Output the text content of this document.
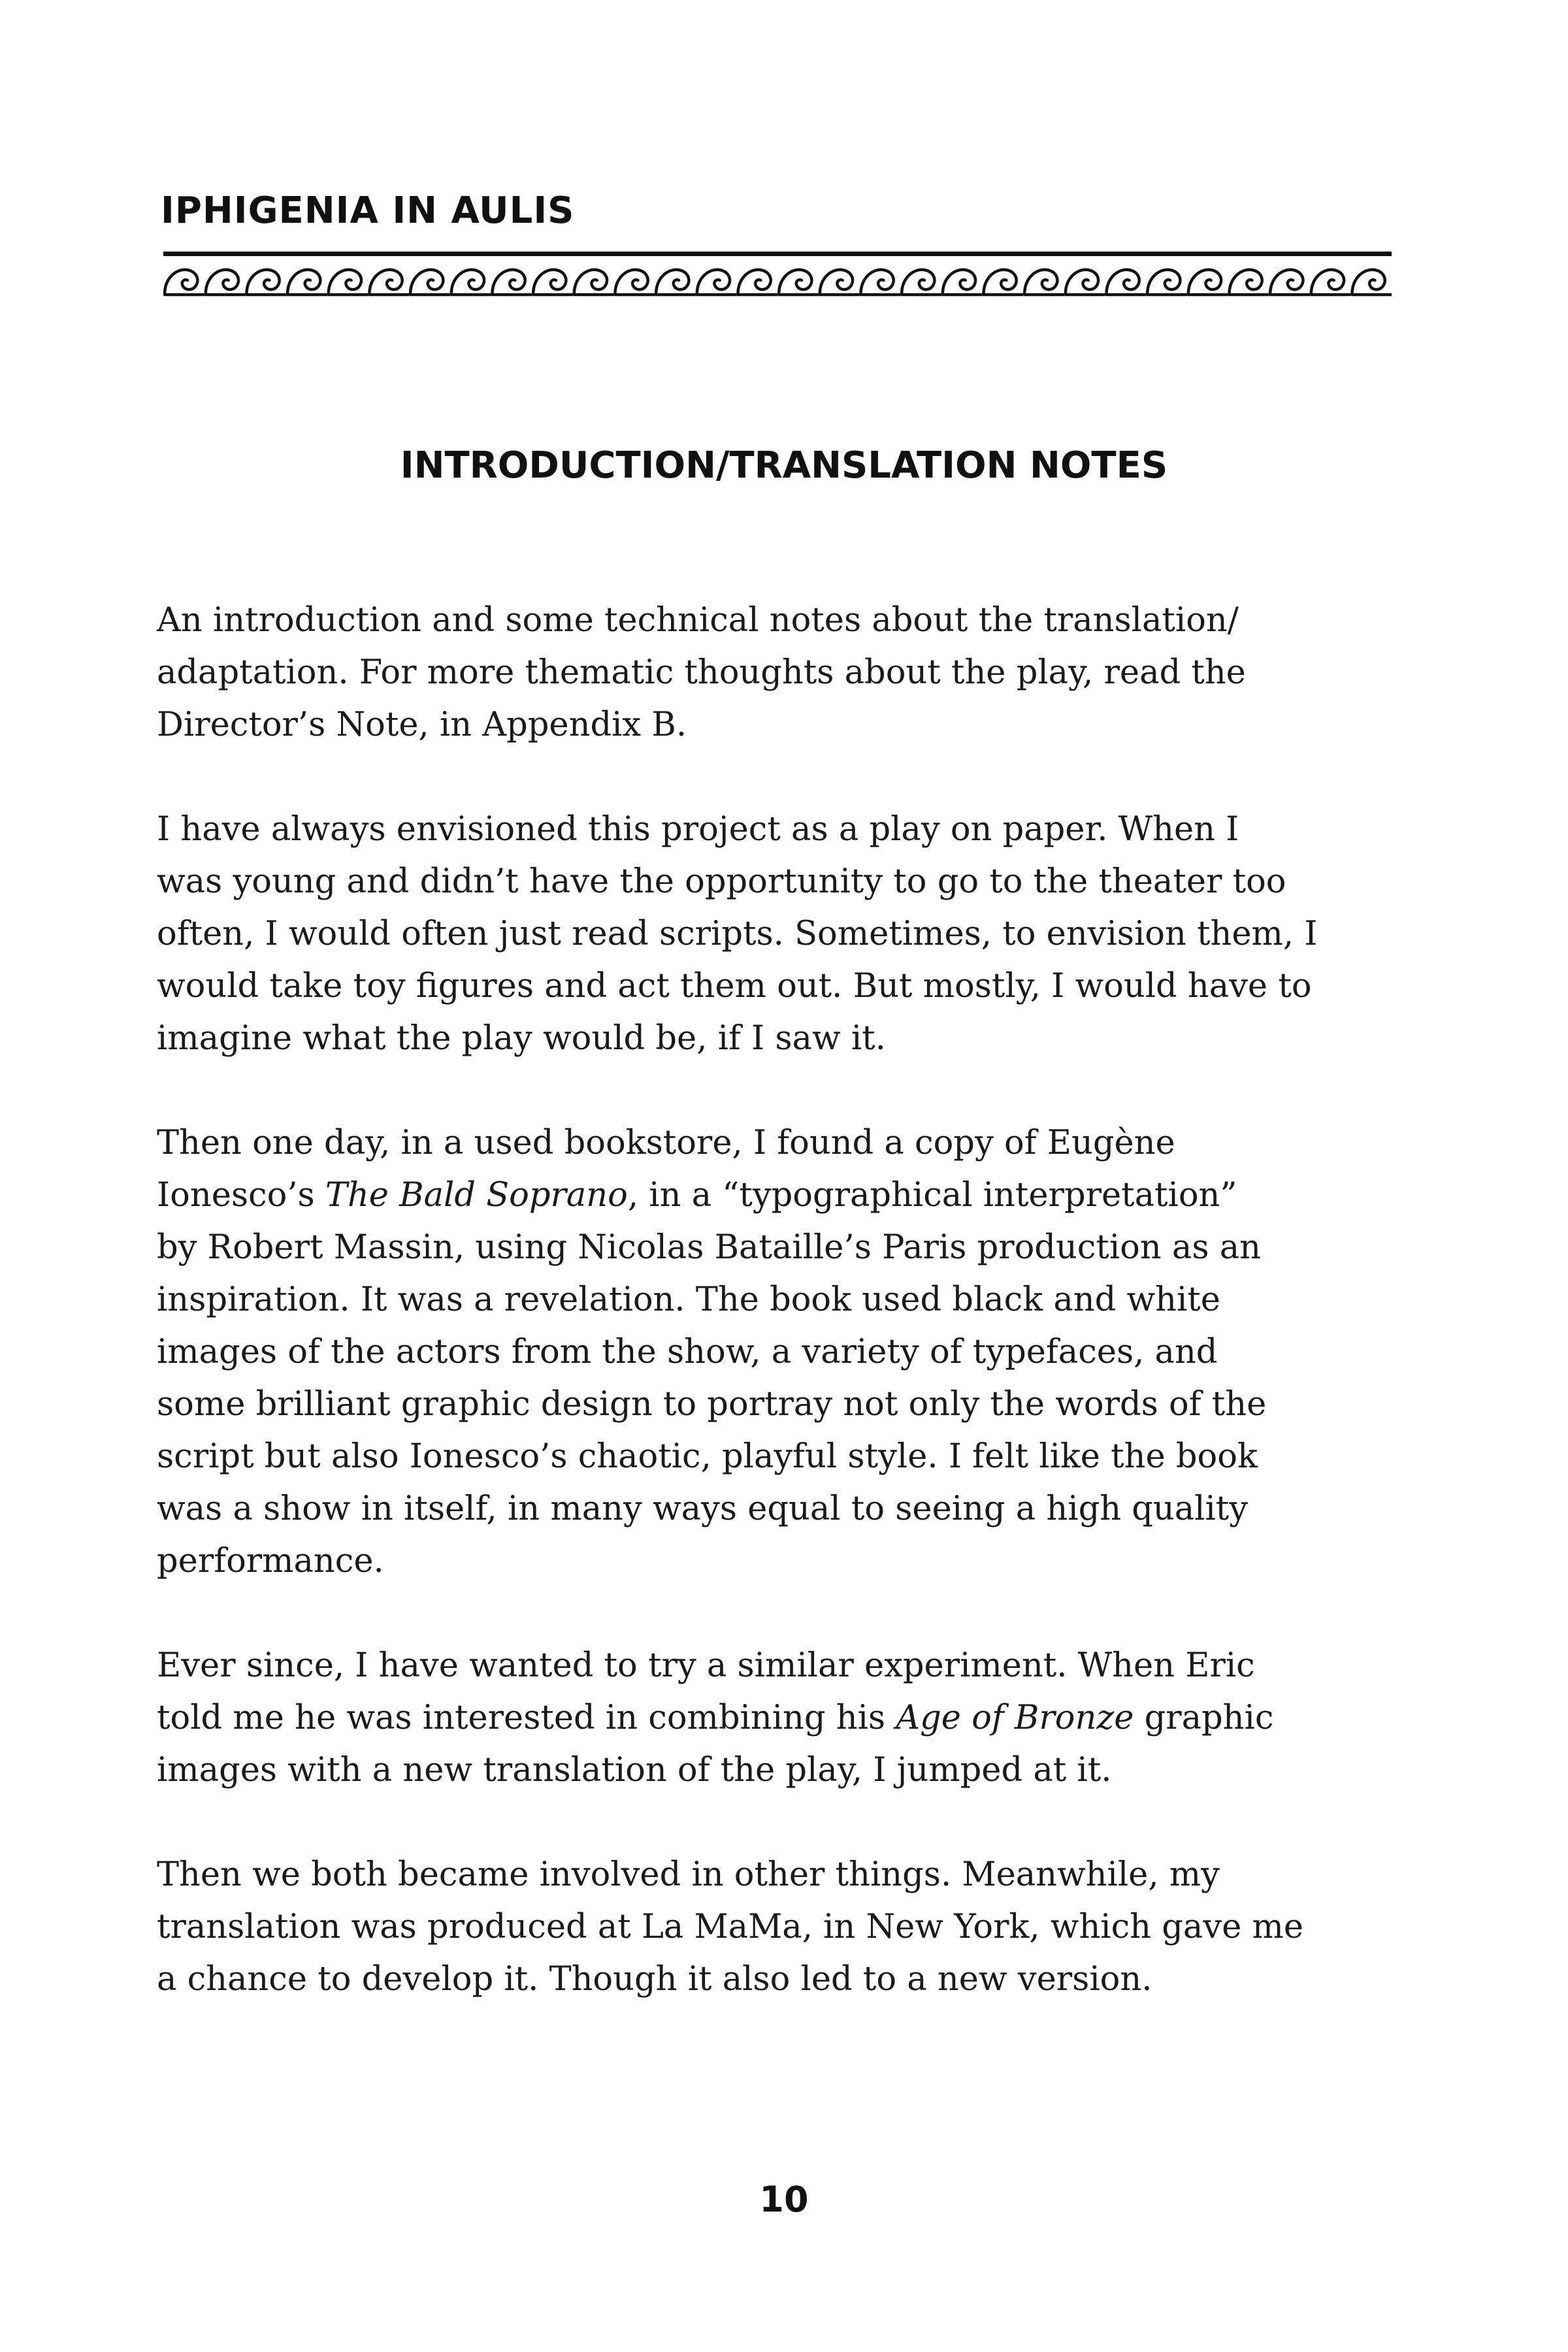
IPHIGENIA IN AULIS
INTRODUCTION/TRANSLATION NOTES

An introduction and some technical notes about the translation/
adaptation. For more thematic thoughts about the play, read the
Director’s Note, in Appendix B.

I have always envisioned this project as a play on paper. When I
was young and didn’t have the opportunity to go to the theater too
often, I would often just read scripts. Sometimes, to envision them, I
would take toy figures and act them out. But mostly, I would have to
imagine what the play would be, if I saw it.

Then one day, in a used bookstore, I found a copy of Eugène
Ionesco’s The Bald Soprano, in a “typographical interpretation”
by Robert Massin, using Nicolas Bataille’s Paris production as an
inspiration. It was a revelation. The book used black and white
images of the actors from the show, a variety of typefaces, and
some brilliant graphic design to portray not only the words of the
script but also Ionesco’s chaotic, playful style. I felt like the book
was a show in itself, in many ways equal to seeing a high quality
performance.

Ever since, I have wanted to try a similar experiment. When Eric
told me he was interested in combining his Age of Bronze graphic
images with a new translation of the play, I jumped at it.

Then we both became involved in other things. Meanwhile, my
translation was produced at La MaMa, in New York, which gave me
a chance to develop it. Though it also led to a new version.

10
